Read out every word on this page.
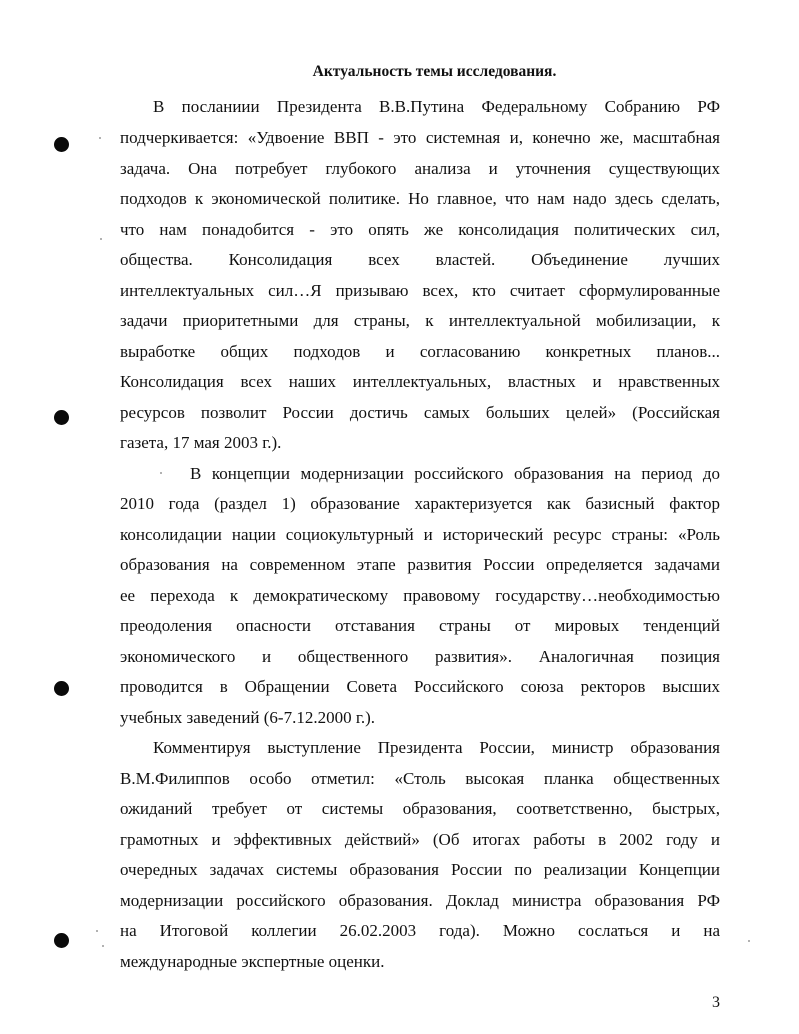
Актуальность темы исследования.
В посланиии Президента В.В.Путина Федеральному Собранию РФ
подчеркивается: «Удвоение ВВП - это системная и, конечно же, масштабная
задача. Она потребует глубокого анализа и уточнения существующих
подходов к экономической политике. Но главное, что нам надо здесь сделать,
что нам понадобится - это опять же консолидация политических сил,
общества. Консолидация всех властей. Объединение лучших
интеллектуальных сил…Я призываю всех, кто считает сформулированные
задачи приоритетными для страны, к интеллектуальной мобилизации, к
выработке общих подходов и согласованию конкретных планов...
Консолидация всех наших интеллектуальных, властных и нравственных
ресурсов позволит России достичь самых больших целей» (Российская
газета, 17 мая 2003 г.).
В концепции модернизации российского образования на период до
2010 года (раздел 1) образование характеризуется как базисный фактор
консолидации нации социокультурный и исторический ресурс страны: «Роль
образования на современном этапе развития России определяется задачами
ее перехода к демократическому правовому государству…необходимостью
преодоления опасности отставания страны от мировых тенденций
экономического и общественного развития». Аналогичная позиция
проводится в Обращении Совета Российского союза ректоров высших
учебных заведений (6-7.12.2000 г.).
Комментируя выступление Президента России, министр образования
В.М.Филиппов особо отметил: «Столь высокая планка общественных
ожиданий требует от системы образования, соответственно, быстрых,
грамотных и эффективных действий» (Об итогах работы в 2002 году и
очередных задачах системы образования России по реализации Концепции
модернизации российского образования. Доклад министра образования РФ
на Итоговой коллегии 26.02.2003 года). Можно сослаться и на
международные экспертные оценки.
3
